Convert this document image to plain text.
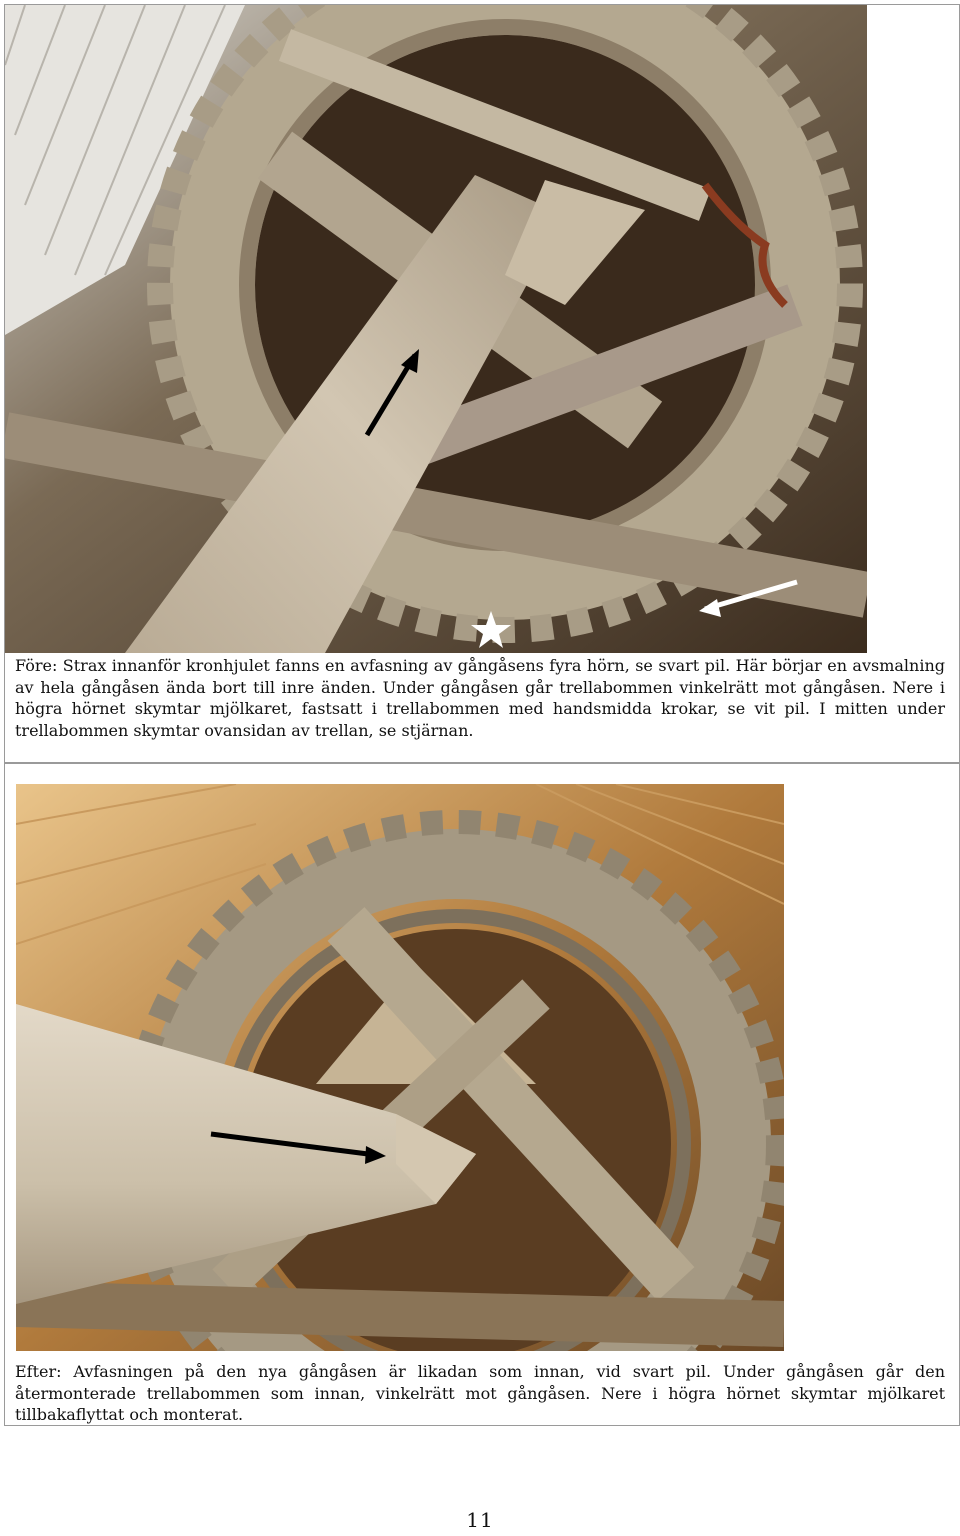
Före: Strax innanför kronhjulet fanns en avfasning av gångåsens fyra hörn, se svart pil. Här börjar en avsmalning av hela gångåsen ända bort till inre änden. Under gångåsen går trellabommen vinkelrätt mot gångåsen. Nere i högra hörnet skymtar mjölkaret, fastsatt i trellabommen med handsmidda krokar, se vit pil. I mitten under trellabommen skymtar ovansidan av trellan, se stjärnan.
Efter: Avfasningen på den nya gångåsen är likadan som innan, vid svart pil. Under gångåsen går den återmonterade trellabommen som innan, vinkelrätt mot gångåsen. Nere i högra hörnet skymtar mjölkaret tillbakaflyttat och monterat.
11
